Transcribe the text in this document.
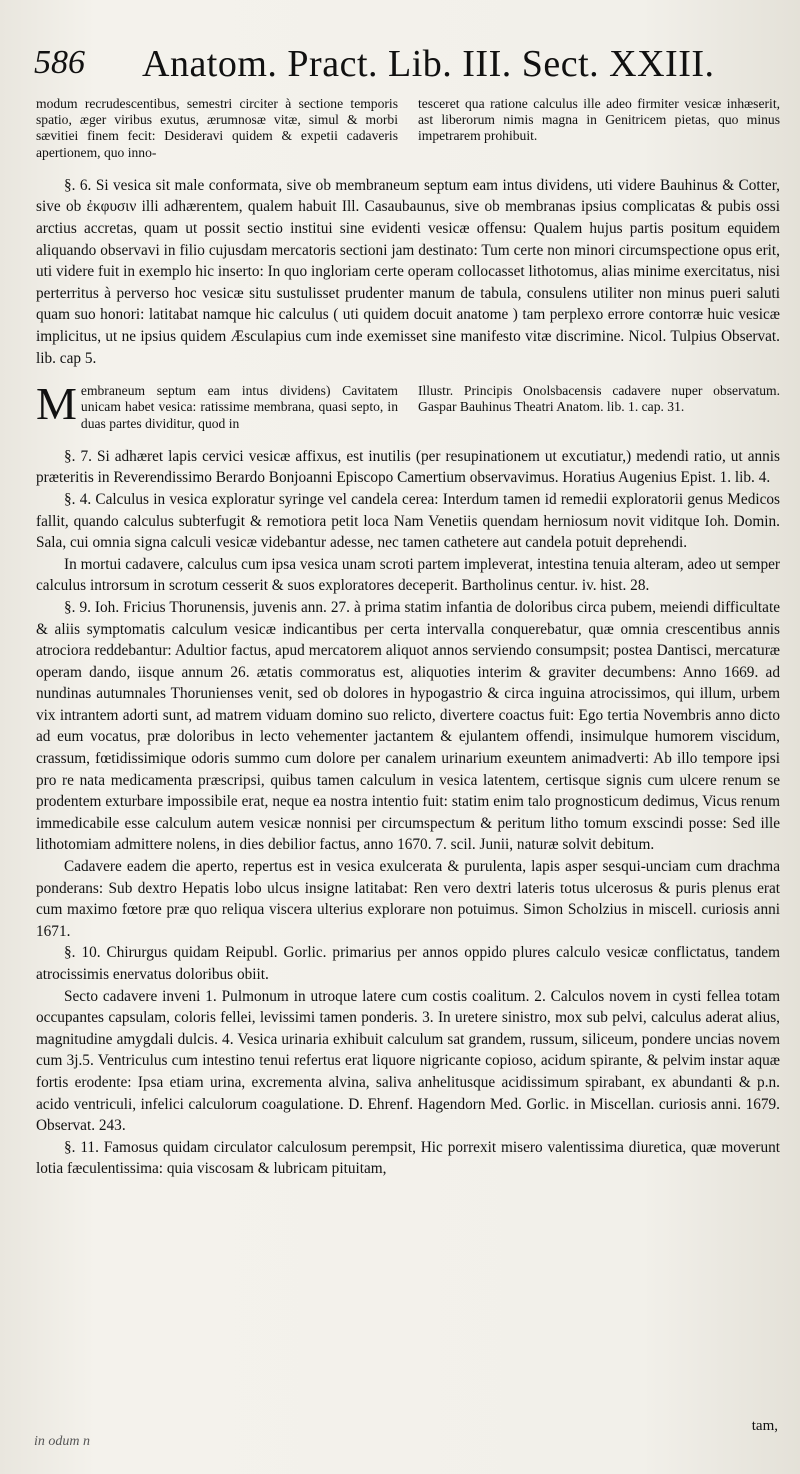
586 Anatom. Pract. Lib. III. Sect. XXIII.
modum recrudescentibus, semestri circiter à sectione temporis spatio, æger viribus exutus, ærumnosæ vitæ, simul & morbi sævitiei finem fecit: Desideravi quidem & expetii cadaveris apertionem, quo inno-
tesceret qua ratione calculus ille adeo firmiter vesicæ inhæserit, ast liberorum nimis magna in Genitricem pietas, quo minus impetrarem prohibuit.

§. 6. Si vesica sit male conformata, sive ob membraneum septum eam intus dividens, uti videre Bauhinus & Cotter, sive ob ἐκφυσιν illi adhærentem, qualem habuit Ill. Casaubaunus, sive ob membranas ipsius complicatas & pubis ossi arctius accretas, quam ut possit sectio institui sine evidenti vesicæ offensu: Qualem hujus partis positum equidem aliquando observavi in filio cujusdam mercatoris sectioni jam destinato: Tum certe non minori circumspectione opus erit, uti videre fuit in exemplo hic inserto: In quo ingloriam certe operam collocasset lithotomus, alias minime exercitatus, nisi perterritus à perverso hoc vesicæ situ sustulisset prudenter manum de tabula, consulens utiliter non minus pueri saluti quam suo honori: latitabat namque hic calculus ( uti quidem docuit anatome ) tam perplexo errore contorræ huic vesicæ implicitus, ut ne ipsius quidem Æsculapius cum inde exemisset sine manifesto vitæ discrimine. Nicol. Tulpius Observat. lib. cap 5.

M embraneum septum eam intus dividens) Cavitatem unicam habet vesica: ratissime membrana, quasi septo, in duas partes dividitur, quod in
Illustr. Principis Onolsbacensis cadavere nuper observatum. Gaspar Bauhinus Theatri Anatom. lib. 1. cap. 31.

§. 7. Si adhæret lapis cervici vesicæ affixus, est inutilis (per resupinationem ut excutiatur,) medendi ratio, ut annis præteritis in Reverendissimo Berardo Bonjoanni Episcopo Camertium observavimus. Horatius Augenius Epist. 1. lib. 4.

§. 4. Calculus in vesica exploratur syringe vel candela cerea: Interdum tamen id remedii exploratorii genus Medicos fallit, quando calculus subterfugit & remotiora petit loca Nam Venetiis quendam herniosum novit viditque Ioh. Domin. Sala, cui omnia signa calculi vesicæ videbantur adesse, nec tamen cathetere aut candela potuit deprehendi.

In mortui cadavere, calculus cum ipsa vesica unam scroti partem impleverat, intestina tenuia alteram, adeo ut semper calculus introrsum in scrotum cesserit & suos exploratores deceperit. Bartholinus centur. iv. hist. 28.

§. 9. Ioh. Fricius Thorunensis, juvenis ann. 27. à prima statim infantia de doloribus circa pubem, meiendi difficultate & aliis symptomatis calculum vesicæ indicantibus per certa intervalla conquerebatur, quæ omnia crescentibus annis atrociora reddebantur: Adultior factus, apud mercatorem aliquot annos serviendo consumpsit; postea Dantisci, mercaturæ operam dando, iisque annum 26. ætatis commoratus est, aliquoties interim & graviter decumbens: Anno 1669. ad nundinas autumnales Thorunienses venit, sed ob dolores in hypogastrio & circa inguina atrocissimos, qui illum, urbem vix intrantem adorti sunt, ad matrem viduam domino suo relicto, divertere coactus fuit: Ego tertia Novembris anno dicto ad eum vocatus, præ doloribus in lecto vehementer jactantem & ejulantem offendi, insimulque humorem viscidum, crassum, fœtidissimique odoris summo cum dolore per canalem urinarium exeuntem animadverti: Ab illo tempore ipsi pro re nata medicamenta præscripsi, quibus tamen calculum in vesica latentem, certisque signis cum ulcere renum se prodentem exturbare impossibile erat, neque ea nostra intentio fuit: statim enim talo prognosticum dedimus, Vicus renum immedicabile esse calculum autem vesicæ nonnisi per circumspectum & peritum litho tomum exscindi posse: Sed ille lithotomiam admittere nolens, in dies debilior factus, anno 1670. 7. scil. Junii, naturæ solvit debitum.

Cadavere eadem die aperto, repertus est in vesica exulcerata & purulenta, lapis asper sesqui-unciam cum drachma ponderans: Sub dextro Hepatis lobo ulcus insigne latitabat: Ren vero dextri lateris totus ulcerosus & puris plenus erat cum maximo fœtore præ quo reliqua viscera ulterius explorare non potuimus. Simon Scholzius in miscell. curiosis anni 1671.

§. 10. Chirurgus quidam Reipubl. Gorlic. primarius per annos oppido plures calculo vesicæ conflictatus, tandem atrocissimis enervatus doloribus obiit.

Secto cadavere inveni 1. Pulmonum in utroque latere cum costis coalitum. 2. Calculos novem in cysti fellea totam occupantes capsulam, coloris fellei, levissimi tamen ponderis. 3. In uretere sinistro, mox sub pelvi, calculus aderat alius, magnitudine amygdali dulcis. 4. Vesica urinaria exhibuit calculum sat grandem, russum, siliceum, pondere uncias novem cum 3j.5. Ventriculus cum intestino tenui refertus erat liquore nigricante copioso, acidum spirante, & pelvim instar aquæ fortis erodente: Ipsa etiam urina, excrementa alvina, saliva anhelitusque acidissimum spirabant, ex abundanti & p.n. acido ventriculi, infelici calculorum coagulatione. D. Ehrenf. Hagendorn Med. Gorlic. in Miscellan. curiosis anni. 1679. Observat. 243.

§. 11. Famosus quidam circulator calculosum perempsit, Hic porrexit misero valentissima diuretica, quæ moverunt lotia fæculentissima: quia viscosam & lubricam pituitam,

tam,
in odum n
